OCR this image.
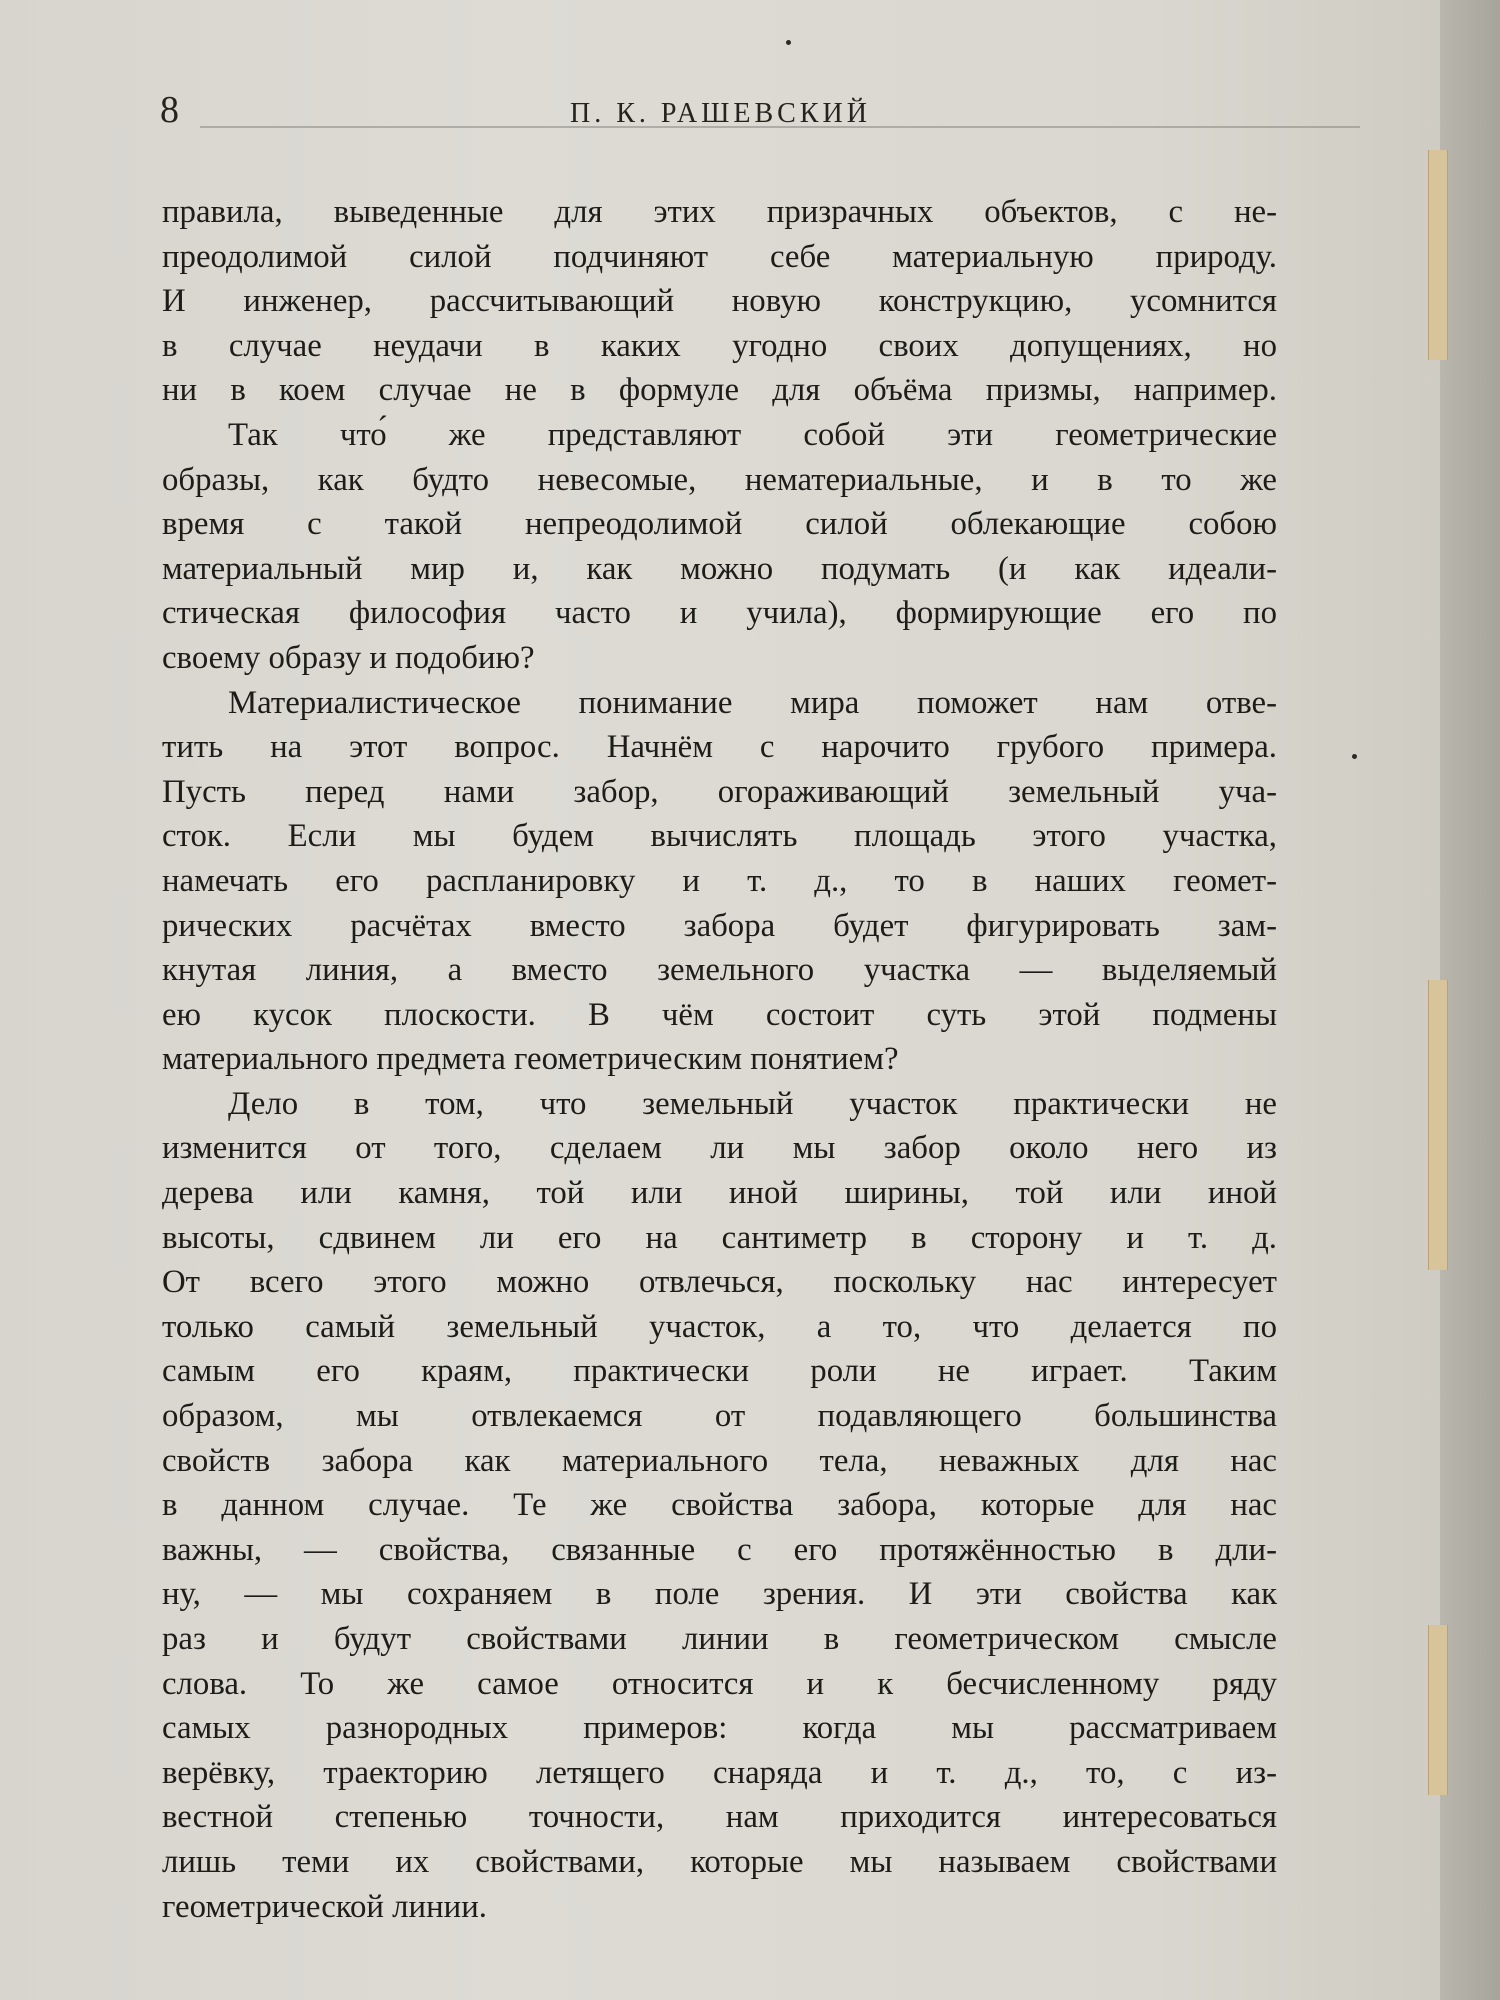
8	П. К. РАШЕВСКИЙ
правила, выведенные для этих призрачных объектов, с не-
преодолимой силой подчиняют себе материальную природу.
И инженер, рассчитывающий новую конструкцию, усомнится
в случае неудачи в каких угодно своих допущениях, но
ни в коем случае не в формуле для объёма призмы, например.
Так что́ же представляют собой эти геометрические
образы, как будто невесомые, нематериальные, и в то же
время с такой непреодолимой силой облекающие собою
материальный мир и, как можно подумать (и как идеали-
стическая философия часто и учила), формирующие его по
своему образу и подобию?
Материалистическое понимание мира поможет нам отве-
тить на этот вопрос. Начнём с нарочито грубого примера.
Пусть перед нами забор, огораживающий земельный уча-
сток. Если мы будем вычислять площадь этого участка,
намечать его распланировку и т. д., то в наших геомет-
рических расчётах вместо забора будет фигурировать зам-
кнутая линия, а вместо земельного участка — выделяемый
ею кусок плоскости. В чём состоит суть этой подмены
материального предмета геометрическим понятием?
Дело в том, что земельный участок практически не
изменится от того, сделаем ли мы забор около него из
дерева или камня, той или иной ширины, той или иной
высоты, сдвинем ли его на сантиметр в сторону и т. д.
От всего этого можно отвлечься, поскольку нас интересует
только самый земельный участок, а то, что делается по
самым его краям, практически роли не играет. Таким
образом, мы отвлекаемся от подавляющего большинства
свойств забора как материального тела, неважных для нас
в данном случае. Те же свойства забора, которые для нас
важны, — свойства, связанные с его протяжённостью в дли-
ну, — мы сохраняем в поле зрения. И эти свойства как
раз и будут свойствами линии в геометрическом смысле
слова. То же самое относится и к бесчисленному ряду
самых разнородных примеров: когда мы рассматриваем
верёвку, траекторию летящего снаряда и т. д., то, с из-
вестной степенью точности, нам приходится интересоваться
лишь теми их свойствами, которые мы называем свойствами
геометрической линии.
